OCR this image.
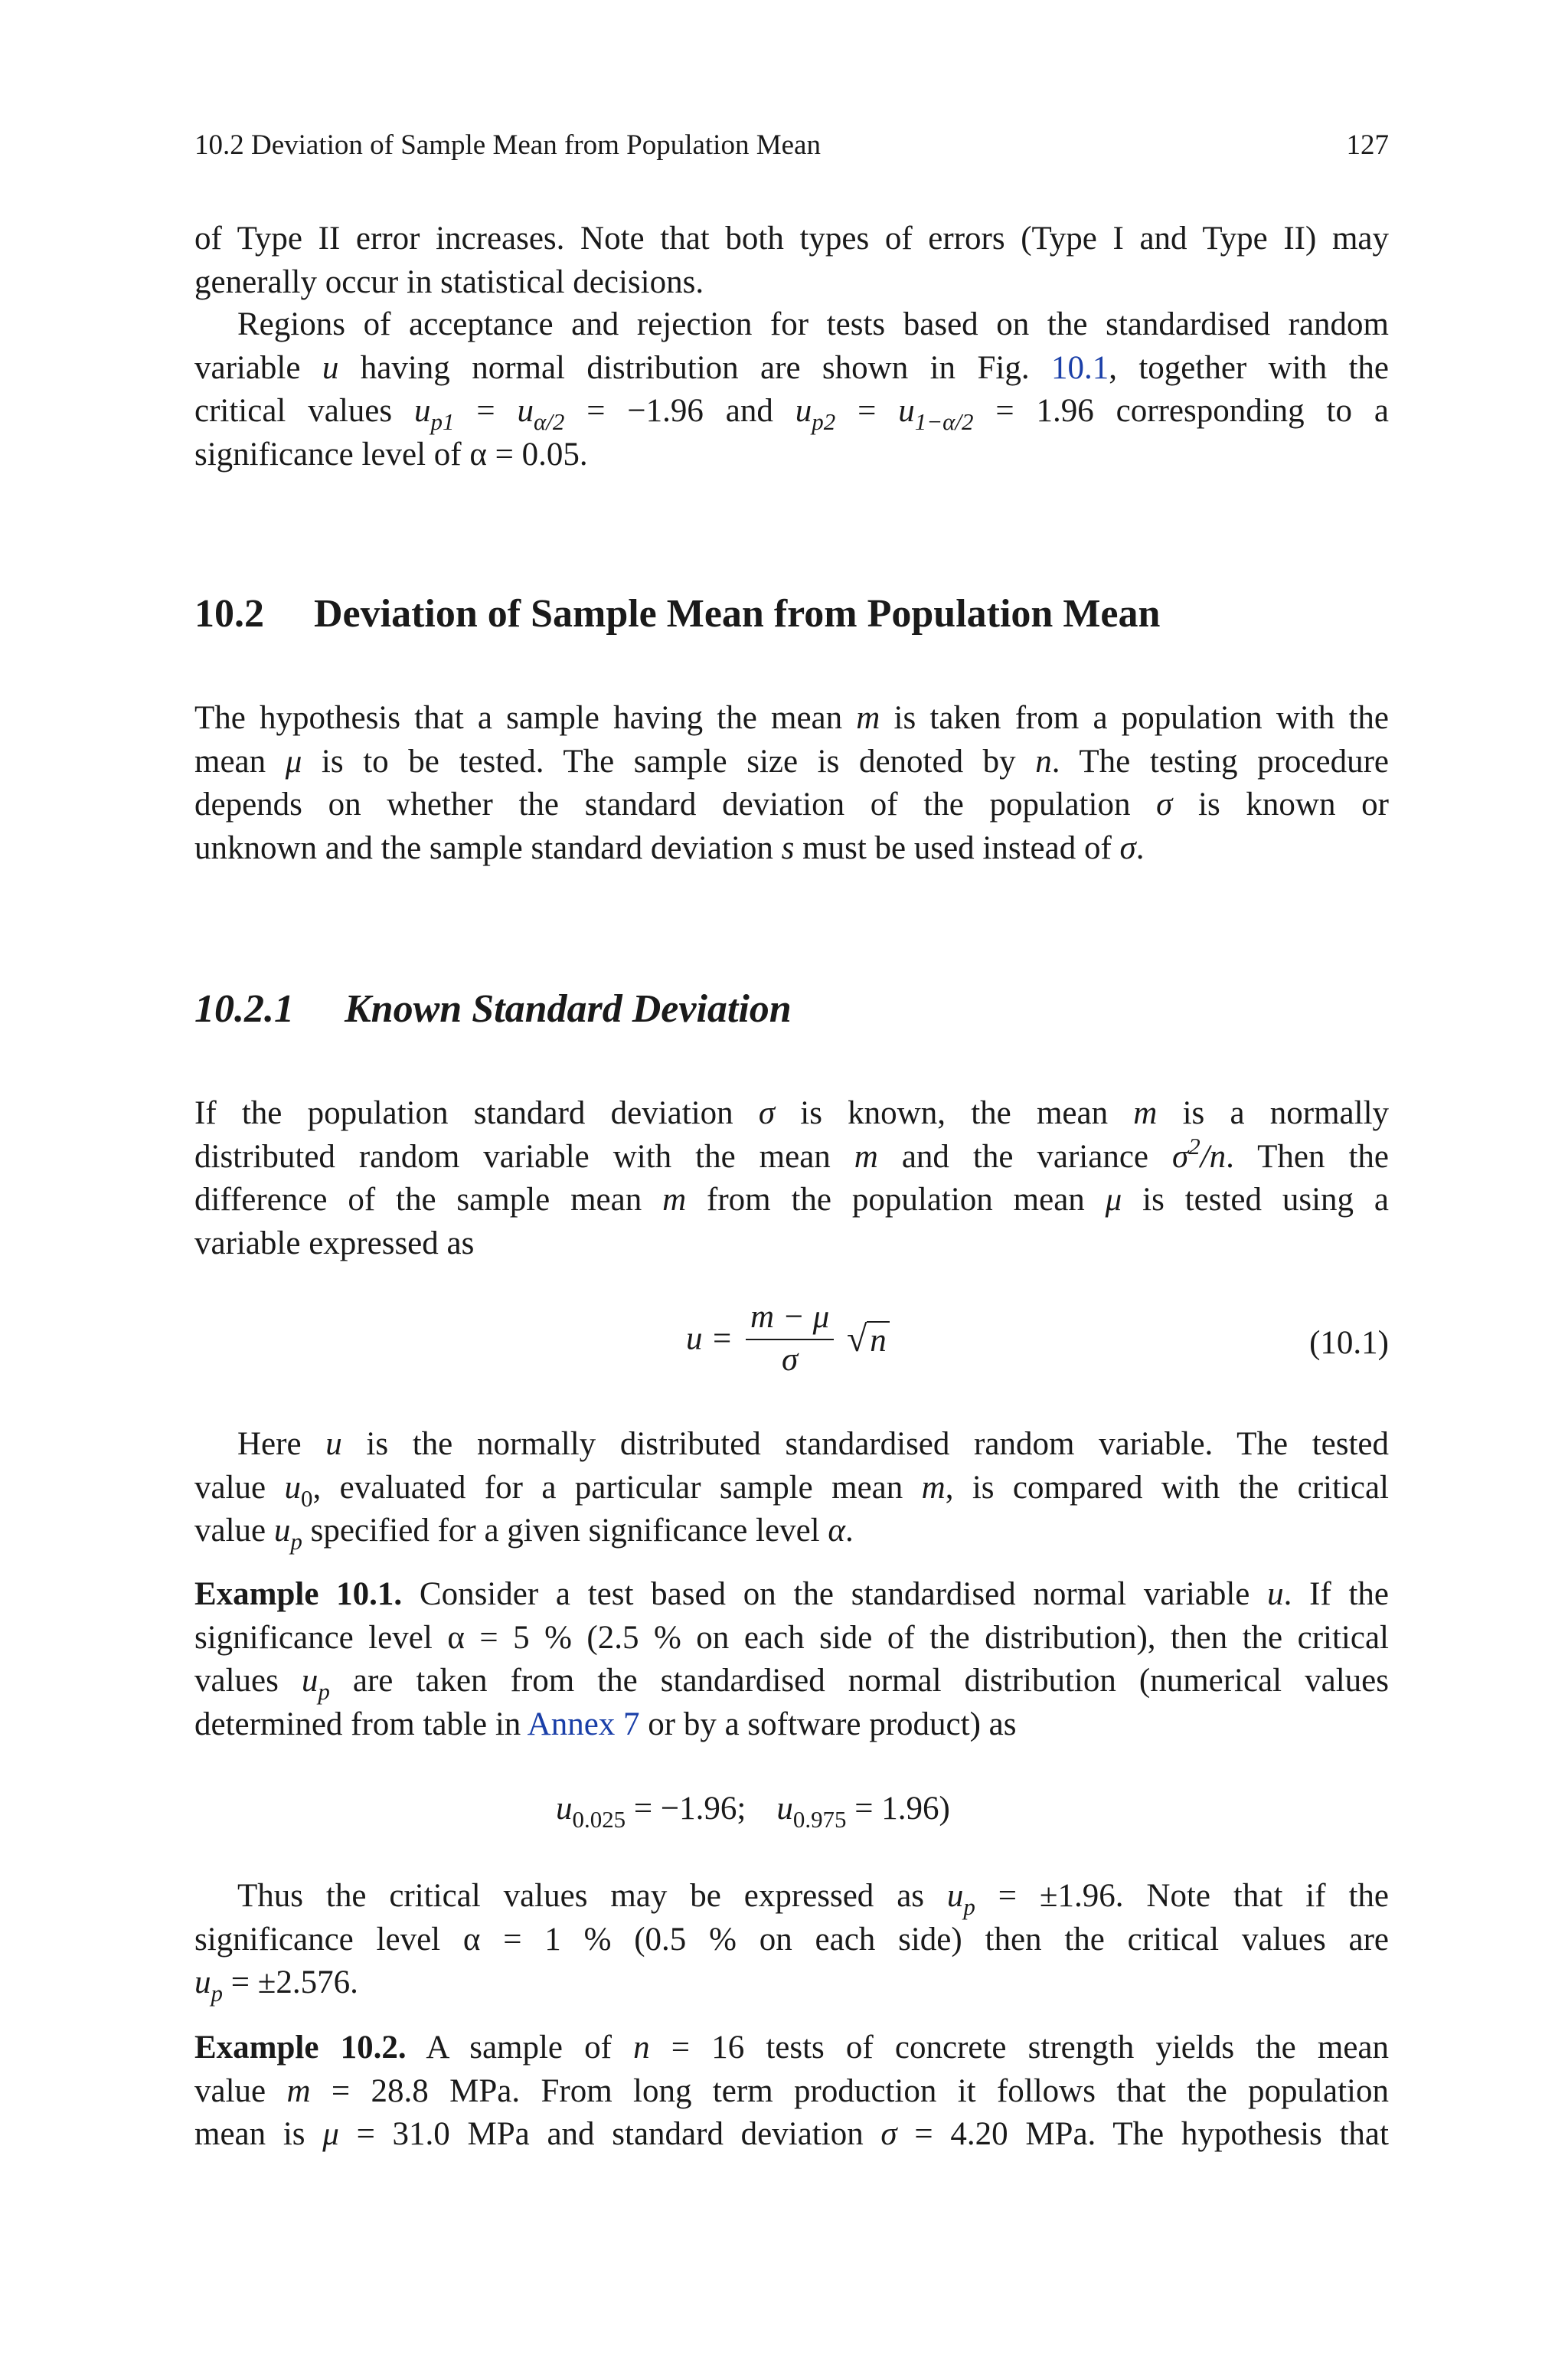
10.2 Deviation of Sample Mean from Population Mean	127
of Type II error increases. Note that both types of errors (Type I and Type II) may
generally occur in statistical decisions.
Regions of acceptance and rejection for tests based on the standardised random
variable u having normal distribution are shown in Fig. 10.1, together with the
critical values $u_{p1} = u_{\alpha/2} = -1.96$ and $u_{p2} = u_{1-\alpha/2} = 1.96$ corresponding to a
significance level of α = 0.05.
10.2 Deviation of Sample Mean from Population Mean
The hypothesis that a sample having the mean m is taken from a population with the
mean μ is to be tested. The sample size is denoted by n. The testing procedure
depends on whether the standard deviation of the population σ is known or
unknown and the sample standard deviation s must be used instead of σ.
10.2.1 Known Standard Deviation
If the population standard deviation σ is known, the mean m is a normally
distributed random variable with the mean m and the variance $\sigma^2/n$. Then the
difference of the sample mean m from the population mean μ is tested using a
variable expressed as
$u = \frac{m - \mu}{\sigma} √n$	(10.1)
Here u is the normally distributed standardised random variable. The tested
value $u_0$, evaluated for a particular sample mean m, is compared with the critical
value $u_p$ specified for a given significance level α.
Example 10.1. Consider a test based on the standardised normal variable u. If the
significance level α = 5 % (2.5 % on each side of the distribution), then the critical
values $u_p$ are taken from the standardised normal distribution (numerical values
determined from table in Annex 7 or by a software product) as
$u_{0.025} = -1.96$; $u_{0.975} = 1.96$)
Thus the critical values may be expressed as $u_p = \pm 1.96$. Note that if the
significance level α = 1 % (0.5 % on each side) then the critical values are
$u_p = \pm 2.576$.
Example 10.2. A sample of n = 16 tests of concrete strength yields the mean
value m = 28.8 MPa. From long term production it follows that the population
mean is μ = 31.0 MPa and standard deviation σ = 4.20 MPa. The hypothesis that
